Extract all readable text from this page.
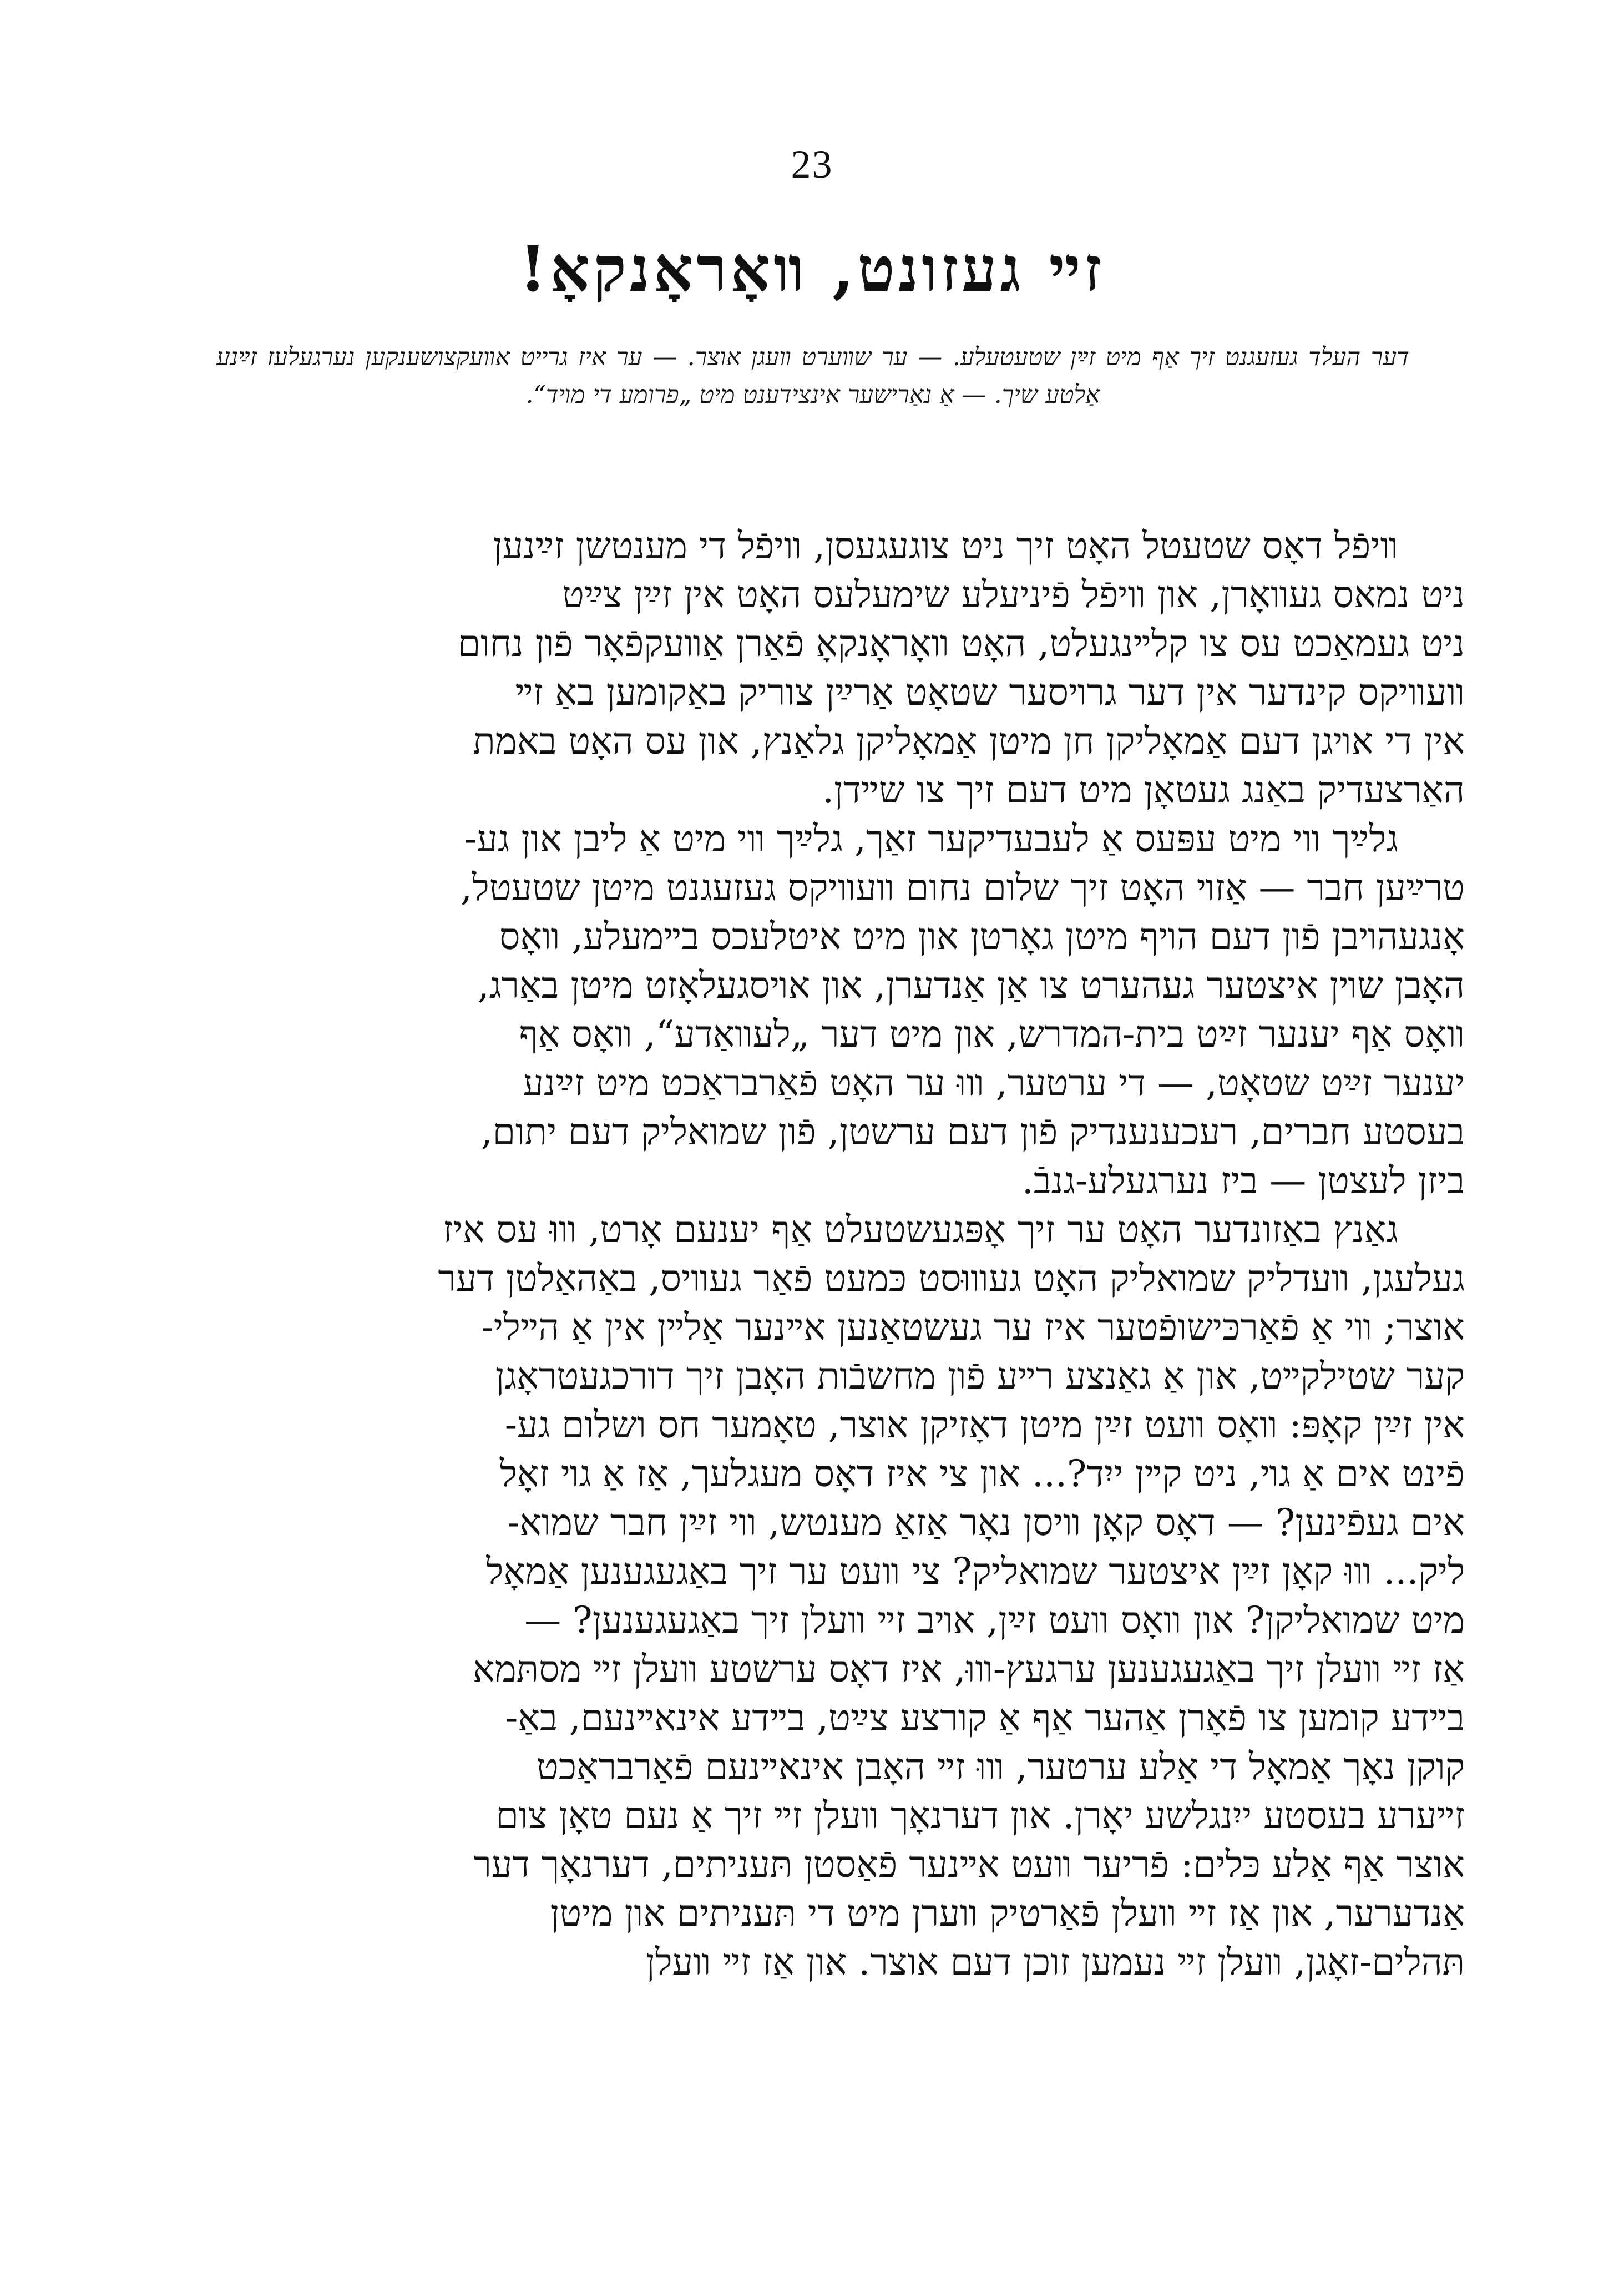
23
זײ געזונט, װאָראָנקאָ!
דער העלד געזעגנט זיך אַף מיט זײַן שטעטעלע. — ער שװערט װעגן אוצר. — ער איז גרייט אװעקצושענקען נערגעלעז זײַנע אַלטע שיך. — אַ נאַרישער אינצידענט מיט „פרומע די מױד“.
װיפֿל דאָס שטעטל האָט זיך ניט צוגעגעסן, װיפֿל די מענטשן זײַנען
ניט נמאס געװאָרן, און װיפֿל פֿיניעלע שימעלעס האָט אין זײַן צײַט
ניט געמאַכט עס צו קלײנגעלט, האָט װאָראָנקאָ פֿאַרן אַװעקפֿאָר פֿון נחום
װעװיקס קינדער אין דער גרױסער שטאָט אַרײַן צוריק באַקומען באַ זײ
אין די אױגן דעם אַמאָליקן חן מיטן אַמאָליקן גלאַנץ, און עס האָט באמת
האַרצעדיק באַנג געטאָן מיט דעם זיך צו שײדן.
גלײַך װי מיט עפּעס אַ לעבעדיקער זאַך, גלײַך װי מיט אַ ליבן און גע-
טרײַען חבר — אַזױ האָט זיך שלום נחום װעװיקס געזעגנט מיטן שטעטל,
אָנגעהױבן פֿון דעם הױף מיטן גאָרטן און מיט איטלעכס בײמעלע, װאָס
האָבן שױן איצטער געהערט צו אַן אַנדערן, און אױסגעלאָזט מיטן באַרג,
װאָס אַף יענער זײַט בית-המדרש, און מיט דער „לעװאַדע“, װאָס אַף
יענער זײַט שטאָט, — די ערטער, װוּ ער האָט פֿאַרבראַכט מיט זײַנע
בעסטע חברים, רעכענענדיק פֿון דעם ערשטן, פֿון שמואליק דעם יתום,
ביזן לעצטן — ביז נערגעלע-גנבֿ.
גאַנץ באַזונדער האָט ער זיך אָפּגעשטעלט אַף יענעם אָרט, װוּ עס איז
געלעגן, װעדליק שמואליק האָט געװוּסט כּמעט פֿאַר געװיס, באַהאַלטן דער
אוצר; װי אַ פֿאַרכּישופֿטער איז ער געשטאַנען אײנער אַלײן אין אַ הײלי-
קער שטילקײט, און אַ גאַנצע רײע פֿון מחשבֿות האָבן זיך דורכגעטראָגן
אין זײַן קאָפּ: װאָס װעט זײַן מיטן דאָזיקן אוצר, טאָמער חס ושלום גע-
פֿינט אים אַ גױ, ניט קײן ייִד?... און צי איז דאָס מעגלעך, אַז אַ גױ זאָל
אים געפֿינען? — דאָס קאָן װיסן נאָר אַזאַ מענטש, װי זײַן חבר שמוא-
ליק... װוּ קאָן זײַן איצטער שמואליק? צי װעט ער זיך באַגעגענען אַמאָל
מיט שמואליקן? און װאָס װעט זײַן, אױב זײ װעלן זיך באַגעגענען? —
אַז זײ װעלן זיך באַגעגענען ערגעץ-װוּ, איז דאָס ערשטע װעלן זײ מסתּמא
בײדע קומען צו פֿאָרן אַהער אַף אַ קורצע צײַט, בײדע אינאײנעם, באַ-
קוקן נאָך אַמאָל די אַלע ערטער, װוּ זײ האָבן אינאײנעם פֿאַרבראַכט
זײערע בעסטע ייִנגלשע יאָרן. און דערנאָך װעלן זײ זיך אַ נעם טאָן צום
אוצר אַף אַלע כּלים: פֿריער װעט אײנער פֿאַסטן תּעניתים, דערנאָך דער
אַנדערער, און אַז זײ װעלן פֿאַרטיק װערן מיט די תּעניתים און מיטן
תּהלים-זאָגן, װעלן זײ נעמען זוכן דעם אוצר. און אַז זײ װעלן
